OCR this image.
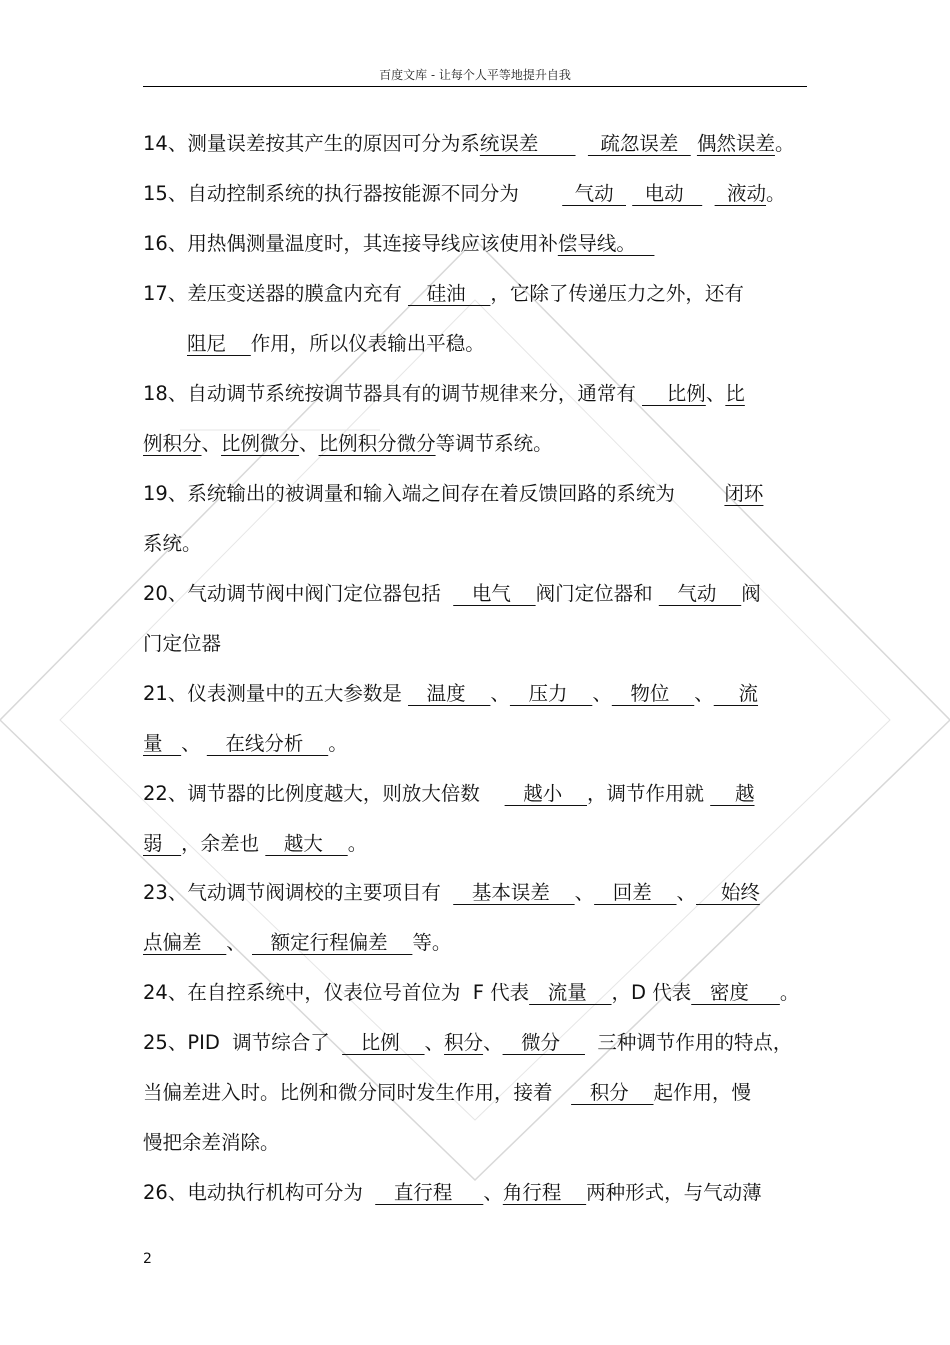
百度文库 - 让每个人平等地提升自我
14、测量误差按其产生的原因可分为系统误差          疏忽误差   偶然误差。
15、自动控制系统的执行器按能源不同分为         气动     电动       液动。
16、用热偶测量温度时，其连接导线应该使用补偿导线。
17、差压变送器的膜盒内充有    硅油    ，它除了传递压力之外，还有
阻尼    作用，所以仪表输出平稳。
18、自动调节系统按调节器具有的调节规律来分，通常有     比例、比
例积分、比例微分、比例积分微分等调节系统。
19、系统输出的被调量和输入端之间存在着反馈回路的系统为        闭环
系统。
20、气动调节阀中阀门定位器包括     电气    阀门定位器和    气动    阀
门定位器
21、仪表测量中的五大参数是    温度    、   压力    、   物位    、    流
量   、    在线分析    。
22、调节器的比例度越大，则放大倍数       越小    ，调节作用就     越
弱   ，余差也    越大    。
23、气动调节阀调校的主要项目有     基本误差    、   回差    、    始终
点偏差    、    额定行程偏差    等。
24、在自控系统中，仪表位号首位为  F 代表   流量    ，D 代表   密度     。
25、PID  调节综合了     比例    、积分、   微分      三种调节作用的特点，
当偏差进入时。比例和微分同时发生作用，接着      积分    起作用，慢
慢把余差消除。
26、电动执行机构可分为     直行程     、角行程    两种形式，与气动薄
2
